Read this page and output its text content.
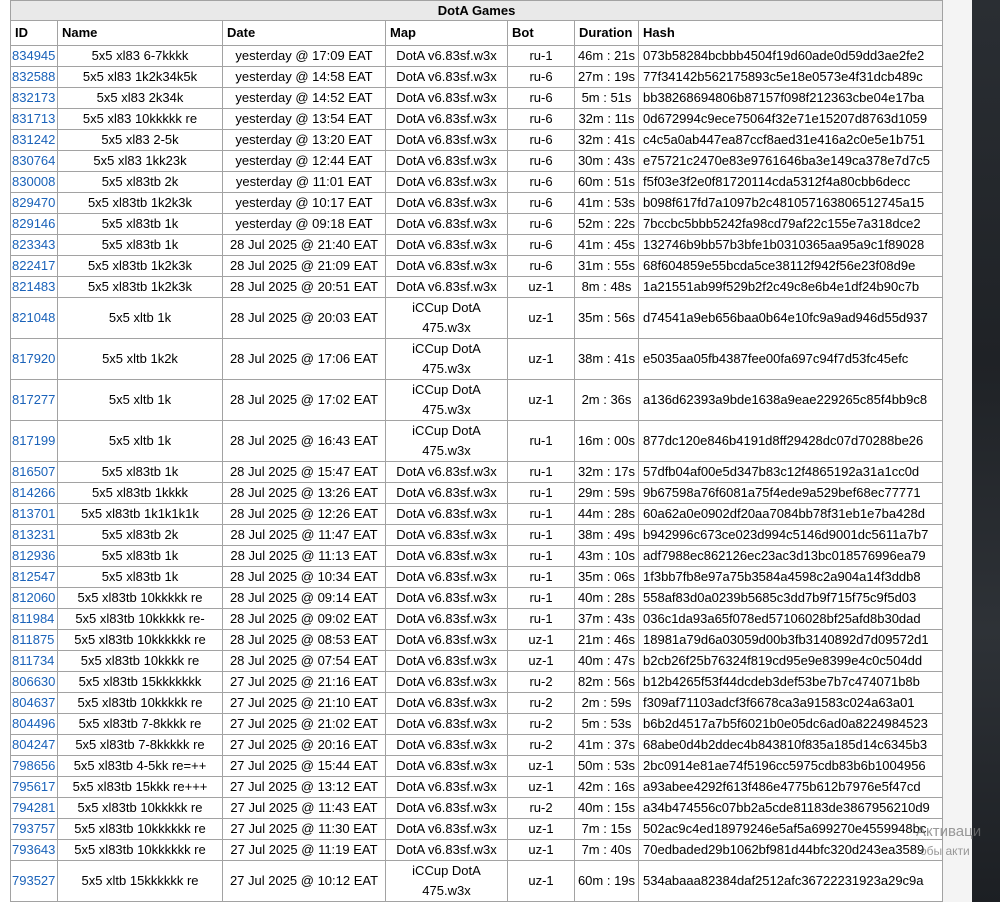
DotA Games						
ID	Name	Date	Map	Bot	Duration	Hash
834945	5x5 xl83 6-7kkkk	yesterday @ 17:09 EAT	DotA v6.83sf.w3x	ru-1	46m : 21s	073b58284bcbbb4504f19d60ade0d59dd3ae2fe2
832588	5x5 xl83 1k2k34k5k	yesterday @ 14:58 EAT	DotA v6.83sf.w3x	ru-6	27m : 19s	77f34142b562175893c5e18e0573e4f31dcb489c
832173	5x5 xl83 2k34k	yesterday @ 14:52 EAT	DotA v6.83sf.w3x	ru-6	5m : 51s	bb38268694806b87157f098f212363cbe04e17ba
831713	5x5 xl83 10kkkkk re	yesterday @ 13:54 EAT	DotA v6.83sf.w3x	ru-6	32m : 11s	0d672994c9ece75064f32e71e15207d8763d1059
831242	5x5 xl83 2-5k	yesterday @ 13:20 EAT	DotA v6.83sf.w3x	ru-6	32m : 41s	c4c5a0ab447ea87ccf8aed31e416a2c0e5e1b751
830764	5x5 xl83 1kk23k	yesterday @ 12:44 EAT	DotA v6.83sf.w3x	ru-6	30m : 43s	e75721c2470e83e9761646ba3e149ca378e7d7c5
830008	5x5 xl83tb 2k	yesterday @ 11:01 EAT	DotA v6.83sf.w3x	ru-6	60m : 51s	f5f03e3f2e0f81720114cda5312f4a80cbb6decc
829470	5x5 xl83tb 1k2k3k	yesterday @ 10:17 EAT	DotA v6.83sf.w3x	ru-6	41m : 53s	b098f617fd7a1097b2c481057163806512745a15
829146	5x5 xl83tb 1k	yesterday @ 09:18 EAT	DotA v6.83sf.w3x	ru-6	52m : 22s	7bccbc5bbb5242fa98cd79af22c155e7a318dce2
823343	5x5 xl83tb 1k	28 Jul 2025 @ 21:40 EAT	DotA v6.83sf.w3x	ru-6	41m : 45s	132746b9bb57b3bfe1b0310365aa95a9c1f89028
822417	5x5 xl83tb 1k2k3k	28 Jul 2025 @ 21:09 EAT	DotA v6.83sf.w3x	ru-6	31m : 55s	68f604859e55bcda5ce38112f942f56e23f08d9e
821483	5x5 xl83tb 1k2k3k	28 Jul 2025 @ 20:51 EAT	DotA v6.83sf.w3x	uz-1	8m : 48s	1a21551ab99f529b2f2c49c8e6b4e1df24b90c7b
821048	5x5 xltb 1k	28 Jul 2025 @ 20:03 EAT	iCCup DotA 475.w3x	uz-1	35m : 56s	d74541a9eb656baa0b64e10fc9a9ad946d55d937
817920	5x5 xltb 1k2k	28 Jul 2025 @ 17:06 EAT	iCCup DotA 475.w3x	uz-1	38m : 41s	e5035aa05fb4387fee00fa697c94f7d53fc45efc
817277	5x5 xltb 1k	28 Jul 2025 @ 17:02 EAT	iCCup DotA 475.w3x	uz-1	2m : 36s	a136d62393a9bde1638a9eae229265c85f4bb9c8
817199	5x5 xltb 1k	28 Jul 2025 @ 16:43 EAT	iCCup DotA 475.w3x	ru-1	16m : 00s	877dc120e846b4191d8ff29428dc07d70288be26
816507	5x5 xl83tb 1k	28 Jul 2025 @ 15:47 EAT	DotA v6.83sf.w3x	ru-1	32m : 17s	57dfb04af00e5d347b83c12f4865192a31a1cc0d
814266	5x5 xl83tb 1kkkk	28 Jul 2025 @ 13:26 EAT	DotA v6.83sf.w3x	ru-1	29m : 59s	9b67598a76f6081a75f4ede9a529bef68ec77771
813701	5x5 xl83tb 1k1k1k1k	28 Jul 2025 @ 12:26 EAT	DotA v6.83sf.w3x	ru-1	44m : 28s	60a62a0e0902df20aa7084bb78f31eb1e7ba428d
813231	5x5 xl83tb 2k	28 Jul 2025 @ 11:47 EAT	DotA v6.83sf.w3x	ru-1	38m : 49s	b942996c673ce023d994c5146d9001dc5611a7b7
812936	5x5 xl83tb 1k	28 Jul 2025 @ 11:13 EAT	DotA v6.83sf.w3x	ru-1	43m : 10s	adf7988ec862126ec23ac3d13bc018576996ea79
812547	5x5 xl83tb 1k	28 Jul 2025 @ 10:34 EAT	DotA v6.83sf.w3x	ru-1	35m : 06s	1f3bb7fb8e97a75b3584a4598c2a904a14f3ddb8
812060	5x5 xl83tb 10kkkkk re	28 Jul 2025 @ 09:14 EAT	DotA v6.83sf.w3x	ru-1	40m : 28s	558af83d0a0239b5685c3dd7b9f715f75c9f5d03
811984	5x5 xl83tb 10kkkkk re-	28 Jul 2025 @ 09:02 EAT	DotA v6.83sf.w3x	ru-1	37m : 43s	036c1da93a65f078ed57106028bf25afd8b30dad
811875	5x5 xl83tb 10kkkkkk re	28 Jul 2025 @ 08:53 EAT	DotA v6.83sf.w3x	uz-1	21m : 46s	18981a79d6a03059d00b3fb3140892d7d09572d1
811734	5x5 xl83tb 10kkkk re	28 Jul 2025 @ 07:54 EAT	DotA v6.83sf.w3x	uz-1	40m : 47s	b2cb26f25b76324f819cd95e9e8399e4c0c504dd
806630	5x5 xl83tb 15kkkkkkk	27 Jul 2025 @ 21:16 EAT	DotA v6.83sf.w3x	ru-2	82m : 56s	b12b4265f53f44dcdeb3def53be7b7c474071b8b
804637	5x5 xl83tb 10kkkkk re	27 Jul 2025 @ 21:10 EAT	DotA v6.83sf.w3x	ru-2	2m : 59s	f309af71103adcf3f6678ca3a91583c024a63a01
804496	5x5 xl83tb 7-8kkkk re	27 Jul 2025 @ 21:02 EAT	DotA v6.83sf.w3x	ru-2	5m : 53s	b6b2d4517a7b5f6021b0e05dc6ad0a8224984523
804247	5x5 xl83tb 7-8kkkkk re	27 Jul 2025 @ 20:16 EAT	DotA v6.83sf.w3x	ru-2	41m : 37s	68abe0d4b2ddec4b843810f835a185d14c6345b3
798656	5x5 xl83tb 4-5kk re=++	27 Jul 2025 @ 15:44 EAT	DotA v6.83sf.w3x	uz-1	50m : 53s	2bc0914e81ae74f5196cc5975cdb83b6b1004956
795617	5x5 xl83tb 15kkk re+++	27 Jul 2025 @ 13:12 EAT	DotA v6.83sf.w3x	uz-1	42m : 16s	a93abee4292f613f486e4775b612b7976e5f47cd
794281	5x5 xl83tb 10kkkkk re	27 Jul 2025 @ 11:43 EAT	DotA v6.83sf.w3x	ru-2	40m : 15s	a34b474556c07bb2a5cde81183de3867956210d9
793757	5x5 xl83tb 10kkkkkk re	27 Jul 2025 @ 11:30 EAT	DotA v6.83sf.w3x	uz-1	7m : 15s	502ac9c4ed18979246e5af5a699270e4559948bc
793643	5x5 xl83tb 10kkkkkk re	27 Jul 2025 @ 11:19 EAT	DotA v6.83sf.w3x	uz-1	7m : 40s	70edbaded29b1062bf981d44bfc320d243ea3589
793527	5x5 xltb 15kkkkkk re	27 Jul 2025 @ 10:12 EAT	iCCup DotA 475.w3x	uz-1	60m : 19s	534abaaa82384daf2512afc36722231923a29c9a
Активаци
обы акти
